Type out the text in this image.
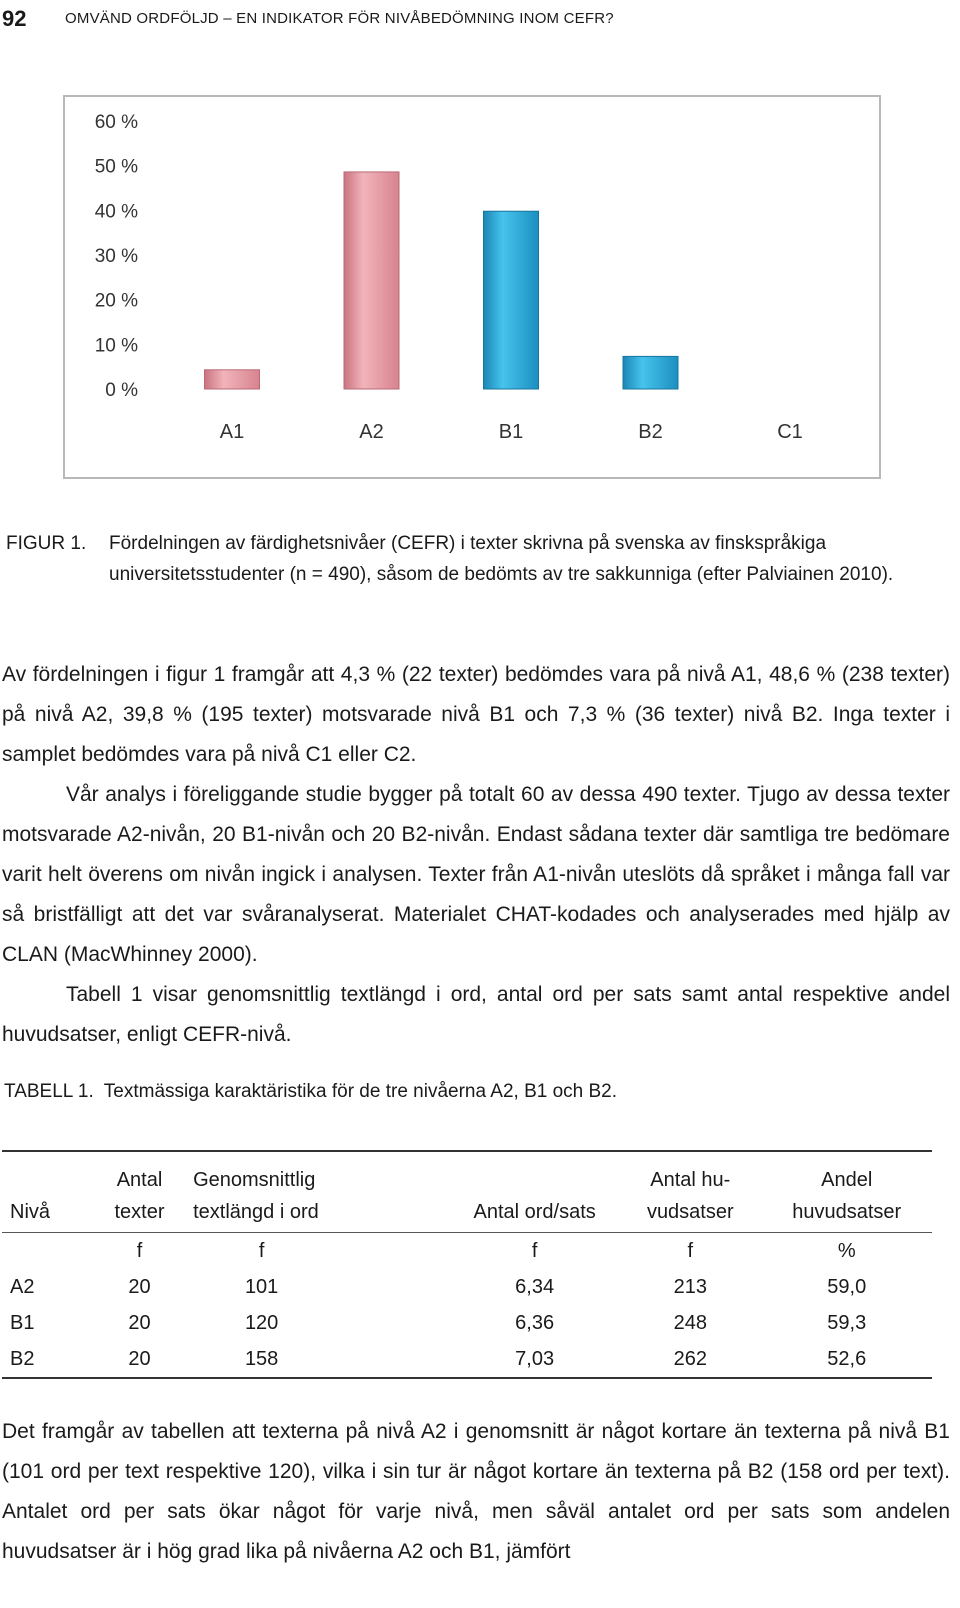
92	OMVÄND ORDFÖLJD – EN INDIKATOR FÖR NIVÅBEDÖMNING INOM CEFR?
0 %
10 %
20 %
30 %
40 %
50 %
60 %
A1	A2	B1	B2	C1
FIGUR 1. Fördelningen av färdighetsnivåer (CEFR) i texter skrivna på svenska av finskspråkiga universitetsstudenter (n = 490), såsom de bedömts av tre sakkunniga (efter Palviainen 2010).

Av fördelningen i figur 1 framgår att 4,3 % (22 texter) bedömdes vara på nivå A1, 48,6 % (238 texter) på nivå A2, 39,8 % (195 texter) motsvarade nivå B1 och 7,3 % (36 texter) nivå B2. Inga texter i samplet bedömdes vara på nivå C1 eller C2.

Vår analys i föreliggande studie bygger på totalt 60 av dessa 490 texter. Tjugo av dessa texter motsvarade A2-nivån, 20 B1-nivån och 20 B2-nivån. Endast sådana texter där samtliga tre bedömare varit helt överens om nivån ingick i analysen. Texter från A1-nivån uteslöts då språket i många fall var så bristfälligt att det var svåranalyserat. Materialet CHAT-kodades och analyserades med hjälp av CLAN (MacWhinney 2000).

Tabell 1 visar genomsnittlig textlängd i ord, antal ord per sats samt antal respektive andel huvudsatser, enligt CEFR-nivå.

TABELL 1. Textmässiga karaktäristika för de tre nivåerna A2, B1 och B2.
	Antal	Genomsnittlig		Antal hu-	Andel
Nivå	texter	textlängd i ord	Antal ord/sats	vudsatser	huvudsatser
	f	f	f	f	%
A2	20	101	6,34	213	59,0
B1	20	120	6,36	248	59,3
B2	20	158	7,03	262	52,6

Det framgår av tabellen att texterna på nivå A2 i genomsnitt är något kortare än texterna på nivå B1 (101 ord per text respektive 120), vilka i sin tur är något kortare än texterna på B2 (158 ord per text). Antalet ord per sats ökar något för varje nivå, men såväl antalet ord per sats som andelen huvudsatser är i hög grad lika på nivåerna A2 och B1, jämfört
